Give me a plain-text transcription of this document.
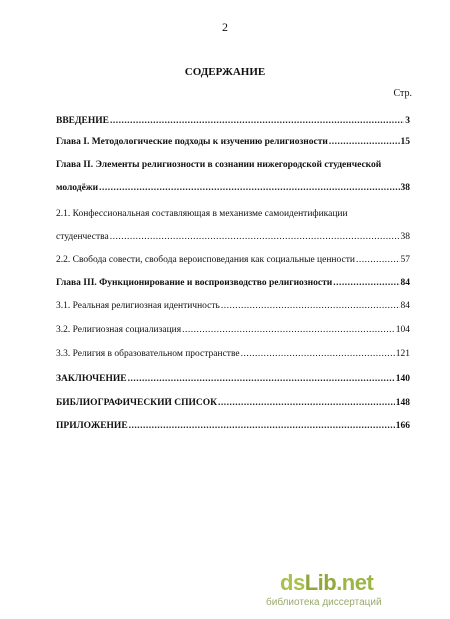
2
СОДЕРЖАНИЕ
Стр.
ВВЕДЕНИЕ .....	3
Глава I. Методологические подходы к изучению религиозности .....	15
Глава II. Элементы религиозности в сознании нижегородской студенческой
молодёжи .....	38
2.1. Конфессиональная составляющая в механизме самоидентификации
студенчества .....	38
2.2. Свобода совести, свобода вероисповедания как социальные ценности .....	57
Глава III. Функционирование и воспроизводство религиозности .....	84
3.1. Реальная религиозная идентичность .....	84
3.2. Религиозная социализация .....	104
3.3. Религия в образовательном пространстве .....	121
ЗАКЛЮЧЕНИЕ .....	140
БИБЛИОГРАФИЧЕСКИЙ СПИСОК .....	148
ПРИЛОЖЕНИЕ .....	166
ds Lib .net
библиотека диссертаций
